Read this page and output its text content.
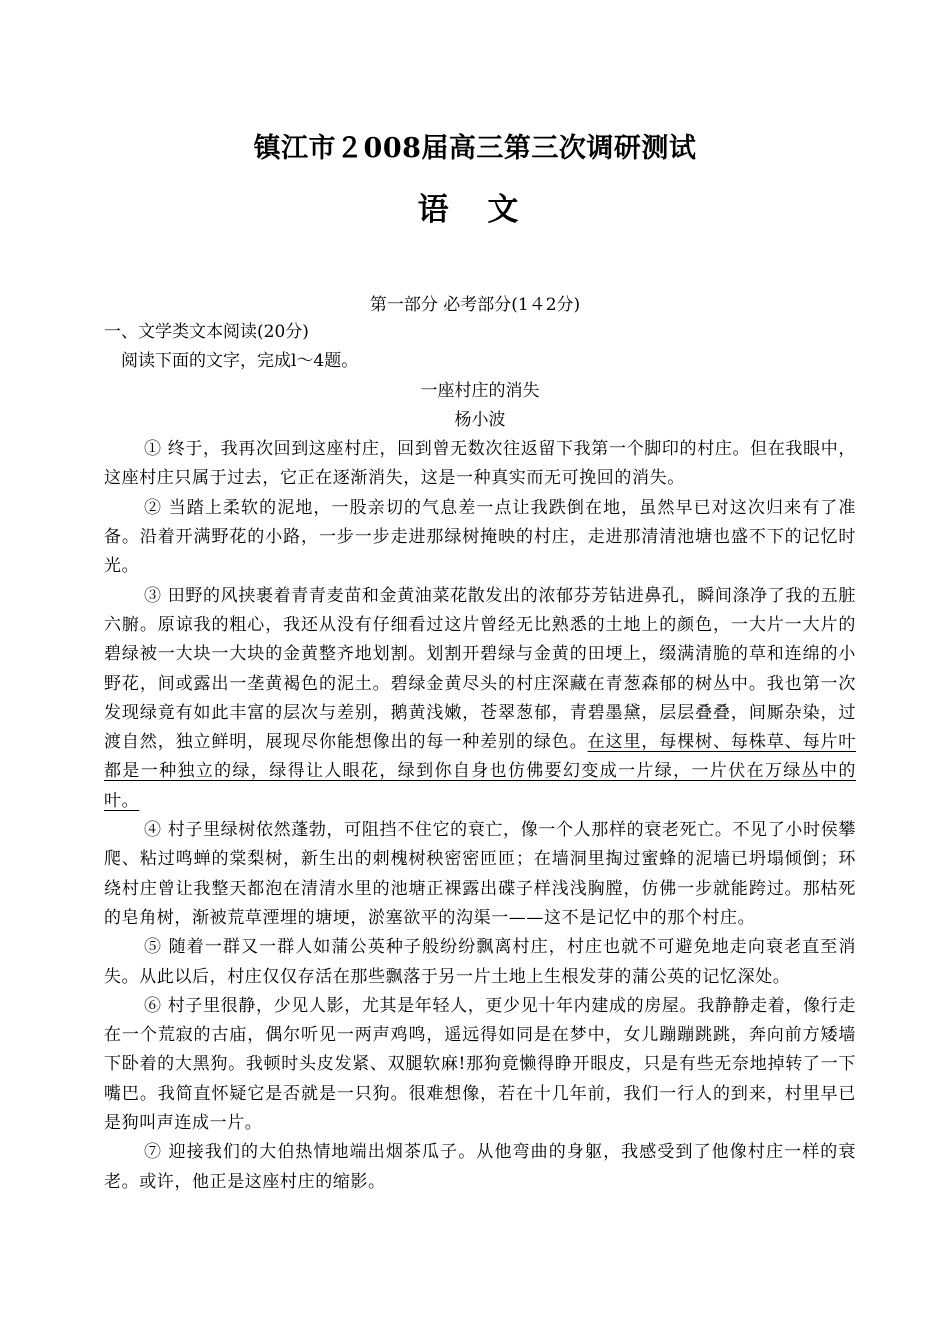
镇江市２008届高三第三次调研测试
语 文
第一部分 必考部分(1４2分)
一、文学类文本阅读(20分)
阅读下面的文字，完成l～4题。
一座村庄的消失
杨小波

① 终于，我再次回到这座村庄，回到曾无数次往返留下我第一个脚印的村庄。但在我眼中，这座村庄只属于过去，它正在逐渐消失，这是一种真实而无可挽回的消失。

② 当踏上柔软的泥地，一股亲切的气息差一点让我跌倒在地，虽然早已对这次归来有了准备。沿着开满野花的小路，一步一步走进那绿树掩映的村庄，走进那清清池塘也盛不下的记忆时光。

③ 田野的风挟裹着青青麦苗和金黄油菜花散发出的浓郁芬芳钻进鼻孔，瞬间涤净了我的五脏六腑。原谅我的粗心，我还从没有仔细看过这片曾经无比熟悉的土地上的颜色，一大片一大片的碧绿被一大块一大块的金黄整齐地划割。划割开碧绿与金黄的田埂上，缀满清脆的草和连绵的小野花，间或露出一垄黄褐色的泥土。碧绿金黄尽头的村庄深藏在青葱森郁的树丛中。我也第一次发现绿竟有如此丰富的层次与差别，鹅黄浅嫩，苍翠葱郁，青碧墨黛，层层叠叠，间厮杂染，过渡自然，独立鲜明，展现尽你能想像出的每一种差别的绿色。在这里，每棵树、每株草、每片叶都是一种独立的绿，绿得让人眼花，绿到你自身也仿佛要幻变成一片绿，一片伏在万绿丛中的叶。

④ 村子里绿树依然蓬勃，可阻挡不住它的衰亡，像一个人那样的衰老死亡。不见了小时侯攀爬、粘过鸣蝉的棠梨树，新生出的刺槐树秧密密匝匝；在墙洞里掏过蜜蜂的泥墙已坍塌倾倒；环绕村庄曾让我整天都泡在清清水里的池塘正裸露出碟子样浅浅胸膛，仿佛一步就能跨过。那枯死的皂角树，渐被荒草湮埋的塘埂，淤塞欲平的沟渠一——这不是记忆中的那个村庄。

⑤ 随着一群又一群人如蒲公英种子般纷纷飘离村庄，村庄也就不可避免地走向衰老直至消失。从此以后，村庄仅仅存活在那些飘落于另一片土地上生根发芽的蒲公英的记忆深处。

⑥ 村子里很静，少见人影，尤其是年轻人，更少见十年内建成的房屋。我静静走着，像行走在一个荒寂的古庙，偶尔听见一两声鸡鸣，遥远得如同是在梦中，女儿蹦蹦跳跳，奔向前方矮墙下卧着的大黑狗。我顿时头皮发紧、双腿软麻!那狗竟懒得睁开眼皮，只是有些无奈地掉转了一下嘴巴。我简直怀疑它是否就是一只狗。很难想像，若在十几年前，我们一行人的到来，村里早已是狗叫声连成一片。

⑦ 迎接我们的大伯热情地端出烟茶瓜子。从他弯曲的身躯，我感受到了他像村庄一样的衰老。或许，他正是这座村庄的缩影。
